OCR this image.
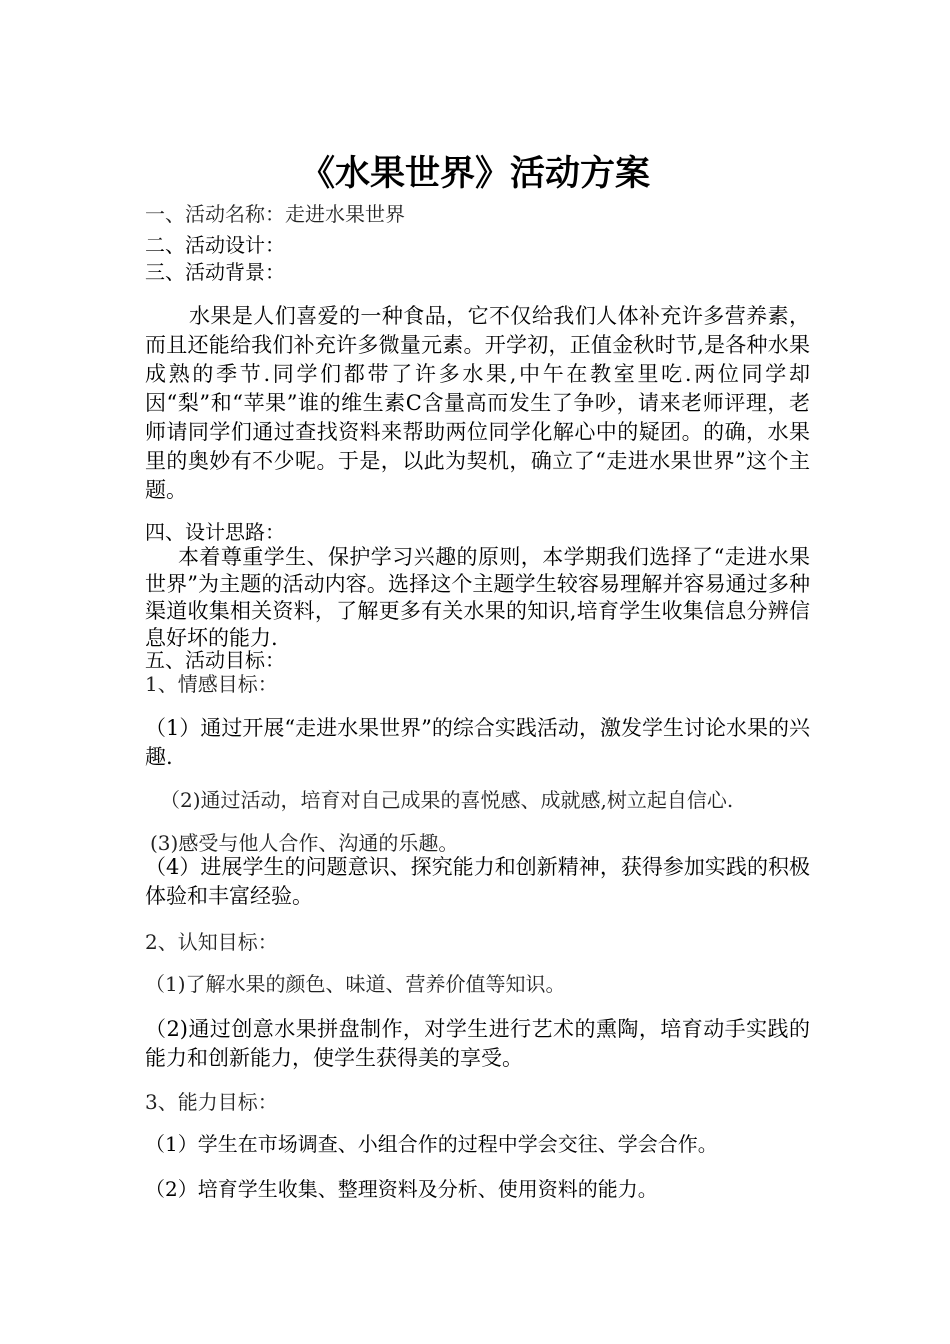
《水果世界》活动方案
一、活动名称：走进水果世界
二、活动设计：
三、活动背景：
水果是人们喜爱的一种食品，它不仅给我们人体补充许多营养素，而且还能给我们补充许多微量元素。开学初，正值金秋时节,是各种水果成熟的季节.同学们都带了许多水果,中午在教室里吃.两位同学却因“梨”和“苹果”谁的维生素C含量高而发生了争吵，请来老师评理，老师请同学们通过查找资料来帮助两位同学化解心中的疑团。的确，水果里的奥妙有不少呢。于是，以此为契机，确立了“走进水果世界”这个主题。
四、设计思路：
本着尊重学生、保护学习兴趣的原则，本学期我们选择了“走进水果世界”为主题的活动内容。选择这个主题学生较容易理解并容易通过多种渠道收集相关资料，了解更多有关水果的知识,培育学生收集信息分辨信息好坏的能力.
五、活动目标：
1、情感目标：
（1）通过开展“走进水果世界”的综合实践活动，激发学生讨论水果的兴趣.
（2)通过活动，培育对自己成果的喜悦感、成就感,树立起自信心.
(3)感受与他人合作、沟通的乐趣。
（4）进展学生的问题意识、探究能力和创新精神，获得参加实践的积极体验和丰富经验。
2、认知目标：
（1)了解水果的颜色、味道、营养价值等知识。
（2)通过创意水果拼盘制作，对学生进行艺术的熏陶，培育动手实践的能力和创新能力，使学生获得美的享受。
3、能力目标：
（1）学生在市场调查、小组合作的过程中学会交往、学会合作。
（2）培育学生收集、整理资料及分析、使用资料的能力。
